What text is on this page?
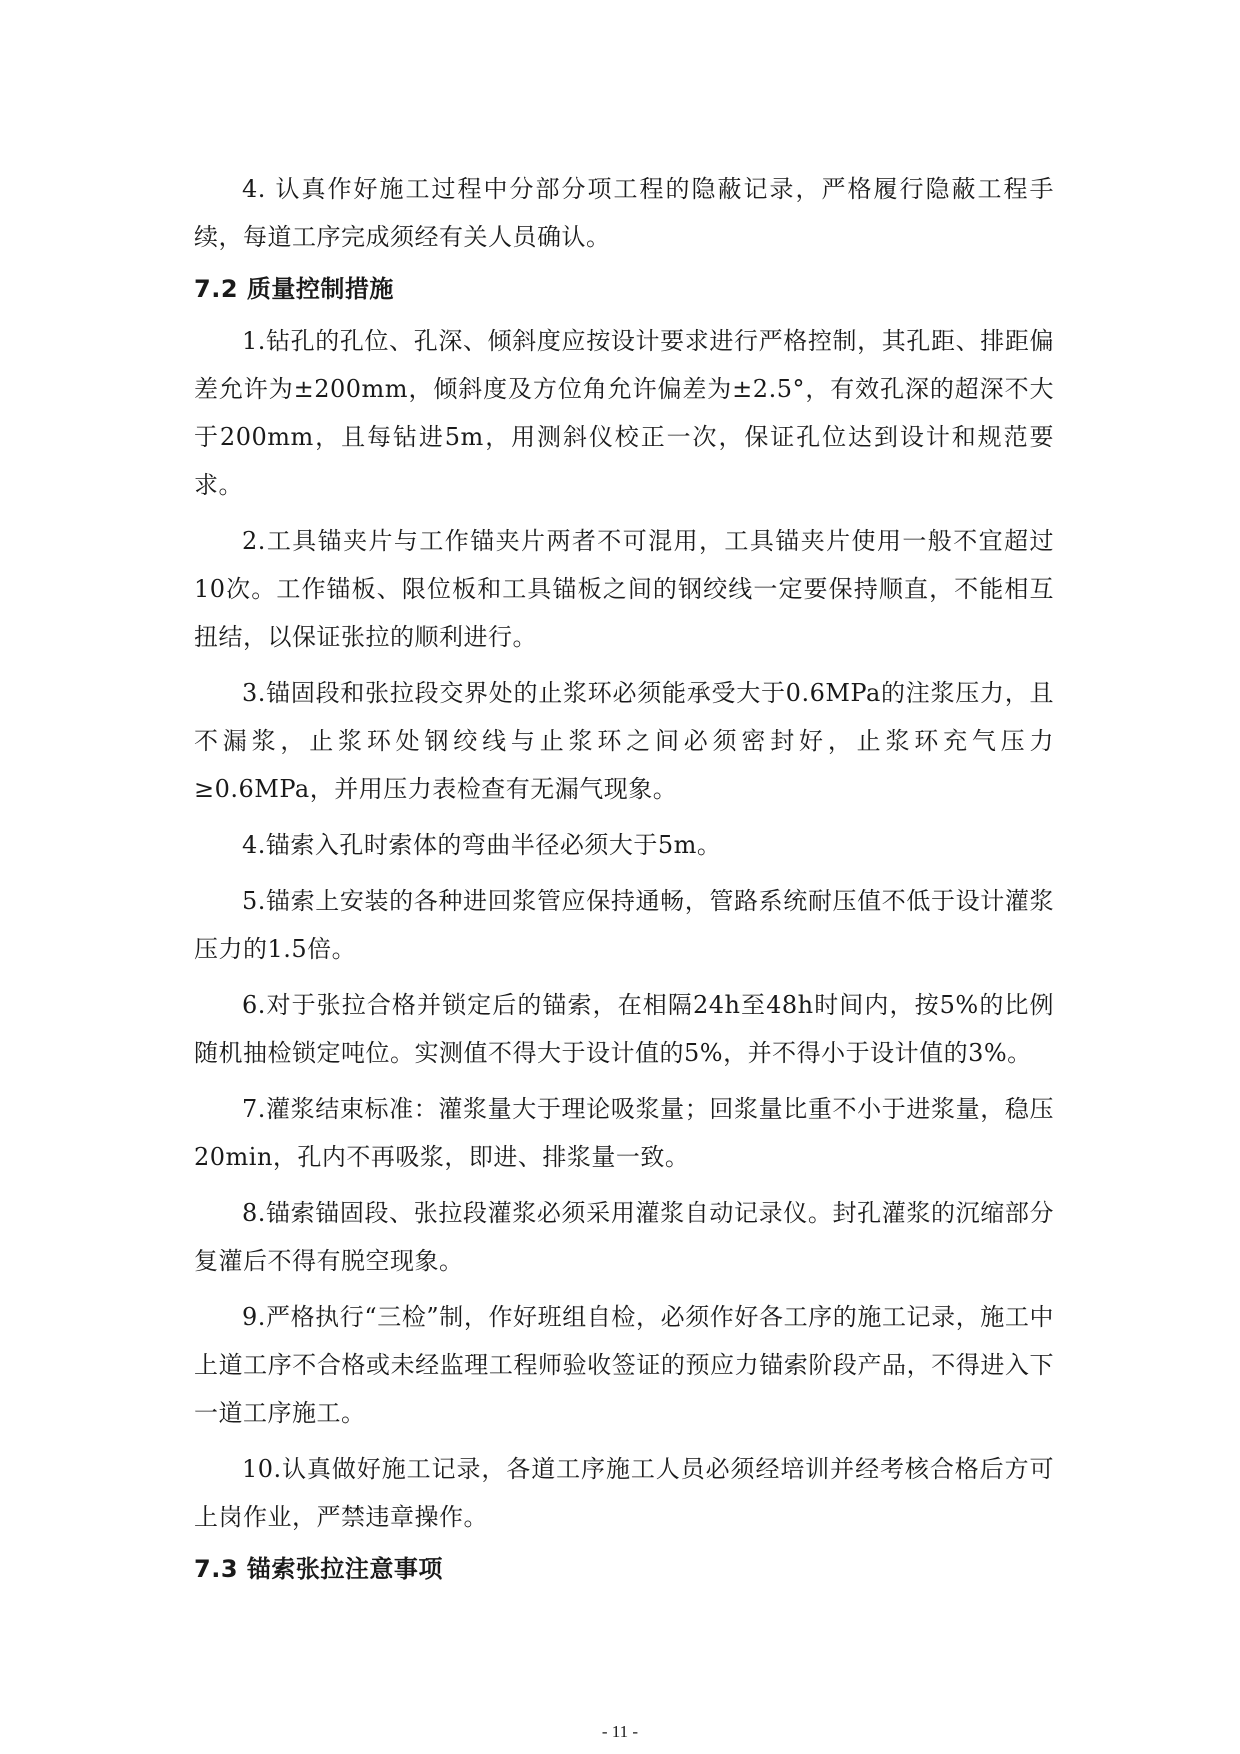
4. 认真作好施工过程中分部分项工程的隐蔽记录，严格履行隐蔽工程手续，每道工序完成须经有关人员确认。

7.2 质量控制措施

1.钻孔的孔位、孔深、倾斜度应按设计要求进行严格控制，其孔距、排距偏差允许为±200mm，倾斜度及方位角允许偏差为±2.5°，有效孔深的超深不大于200mm，且每钻进5m，用测斜仪校正一次，保证孔位达到设计和规范要求。

2.工具锚夹片与工作锚夹片两者不可混用，工具锚夹片使用一般不宜超过10次。工作锚板、限位板和工具锚板之间的钢绞线一定要保持顺直，不能相互扭结，以保证张拉的顺利进行。

3.锚固段和张拉段交界处的止浆环必须能承受大于0.6MPa的注浆压力，且不漏浆，止浆环处钢绞线与止浆环之间必须密封好，止浆环充气压力≥0.6MPa，并用压力表检查有无漏气现象。

4.锚索入孔时索体的弯曲半径必须大于5m。

5.锚索上安装的各种进回浆管应保持通畅，管路系统耐压值不低于设计灌浆压力的1.5倍。

6.对于张拉合格并锁定后的锚索，在相隔24h至48h时间内，按5%的比例随机抽检锁定吨位。实测值不得大于设计值的5%，并不得小于设计值的3%。

7.灌浆结束标准：灌浆量大于理论吸浆量；回浆量比重不小于进浆量，稳压20min，孔内不再吸浆，即进、排浆量一致。

8.锚索锚固段、张拉段灌浆必须采用灌浆自动记录仪。封孔灌浆的沉缩部分复灌后不得有脱空现象。

9.严格执行“三检”制，作好班组自检，必须作好各工序的施工记录，施工中上道工序不合格或未经监理工程师验收签证的预应力锚索阶段产品，不得进入下一道工序施工。

10.认真做好施工记录，各道工序施工人员必须经培训并经考核合格后方可上岗作业，严禁违章操作。

7.3 锚索张拉注意事项
- 11 -
